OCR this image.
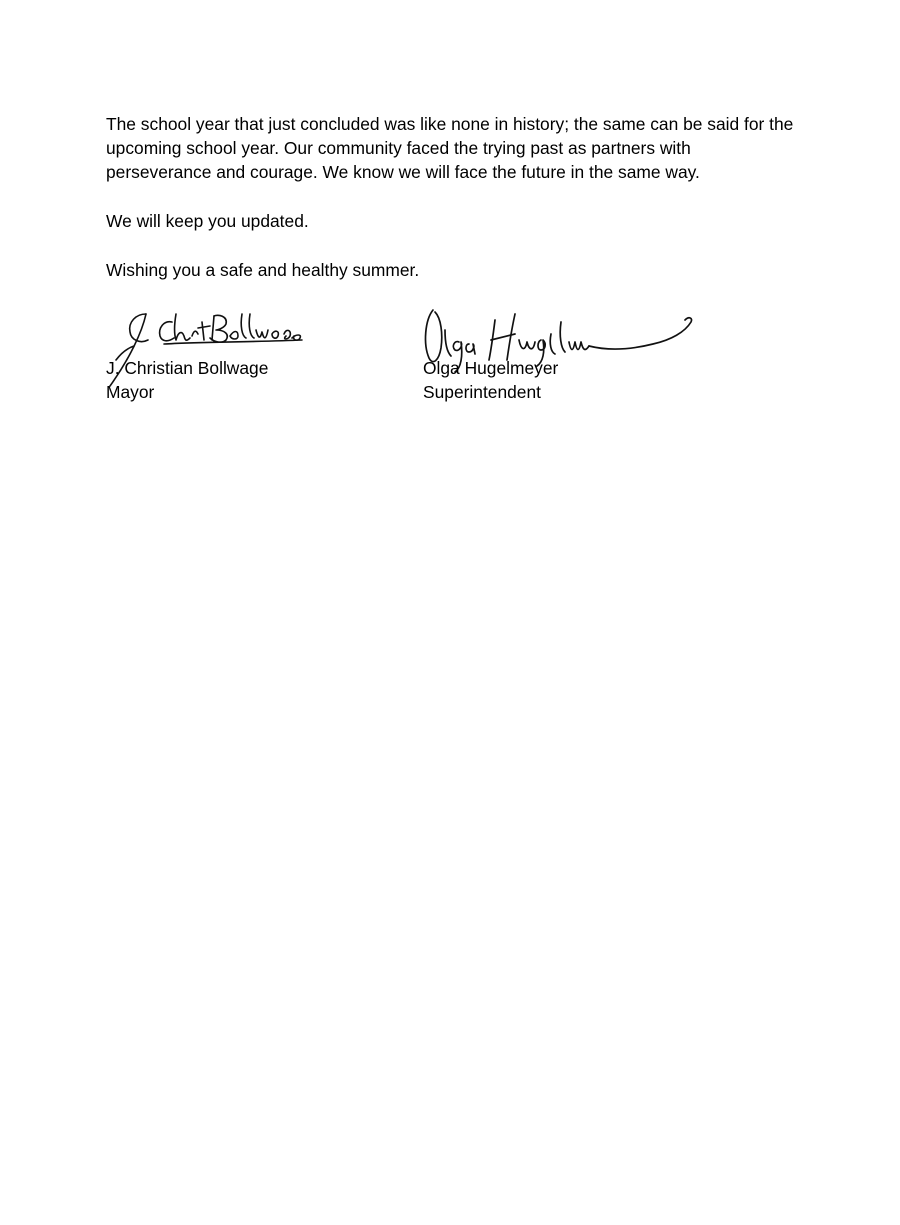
The school year that just concluded was like none in history; the same can be said for the upcoming school year. Our community faced the trying past as partners with perseverance and courage. We know we will face the future in the same way.

We will keep you updated.

Wishing you a safe and healthy summer.

J. Christian Bollwage
Mayor
Olga Hugelmeyer
Superintendent
